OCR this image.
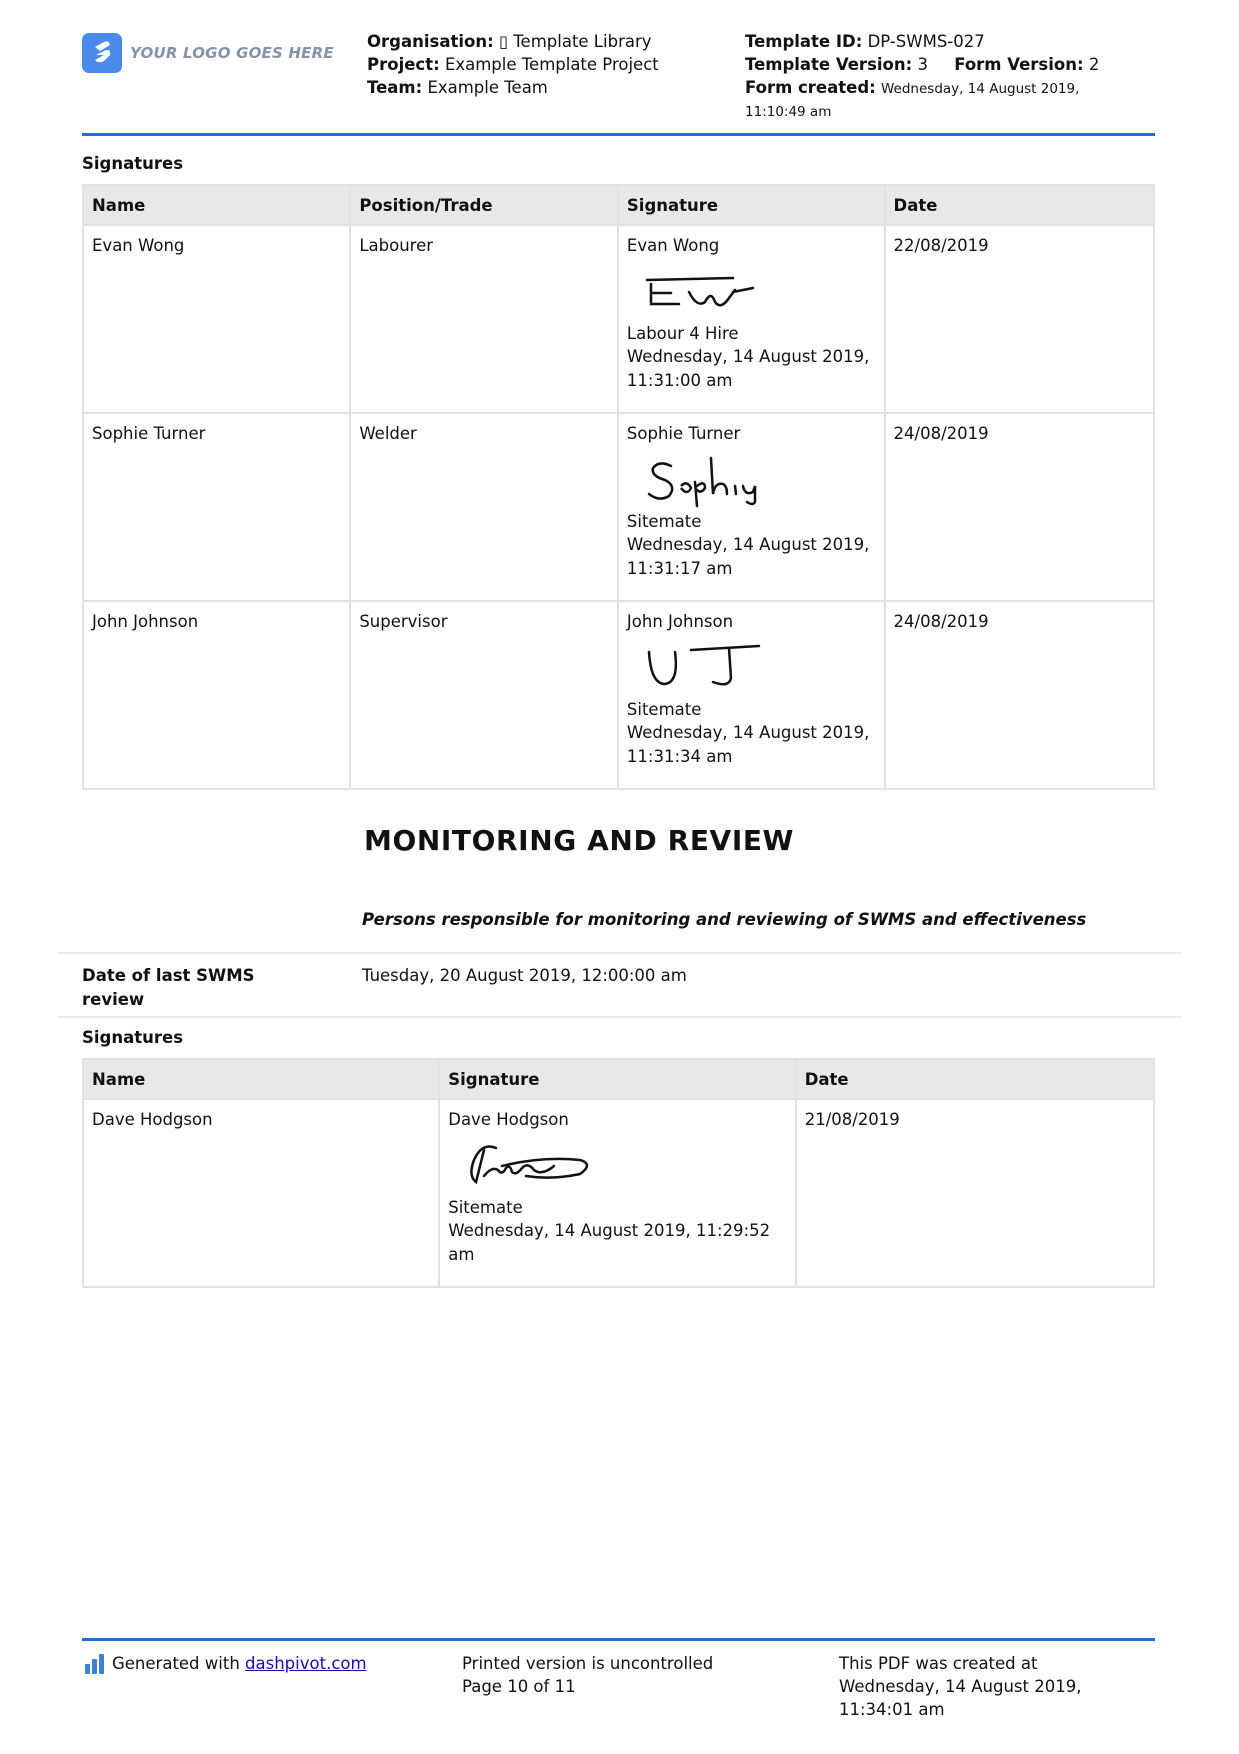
YOUR LOGO GOES HERE
Organisation: ▯ Template Library
Project: Example Template Project
Team: Example Team
Template ID: DP-SWMS-027
Template Version: 3 Form Version: 2
Form created: Wednesday, 14 August 2019,
11:10:49 am
Signatures
Name	Position/Trade	Signature	Date
Evan Wong	Labourer	Evan Wong
Labour 4 Hire
Wednesday, 14 August 2019,
11:31:00 am	22/08/2019
Sophie Turner	Welder	Sophie Turner
Sitemate
Wednesday, 14 August 2019,
11:31:17 am	24/08/2019
John Johnson	Supervisor	John Johnson
Sitemate
Wednesday, 14 August 2019,
11:31:34 am	24/08/2019
MONITORING AND REVIEW
Persons responsible for monitoring and reviewing of SWMS and effectiveness
Date of last SWMS review
Tuesday, 20 August 2019, 12:00:00 am
Signatures
Name	Signature	Date
Dave Hodgson	Dave Hodgson
Sitemate
Wednesday, 14 August 2019, 11:29:52
am	21/08/2019
Generated with
dashpivot.com	Printed version is uncontrolled
Page 10 of 11
This PDF was created at
Wednesday, 14 August 2019,
11:34:01 am
